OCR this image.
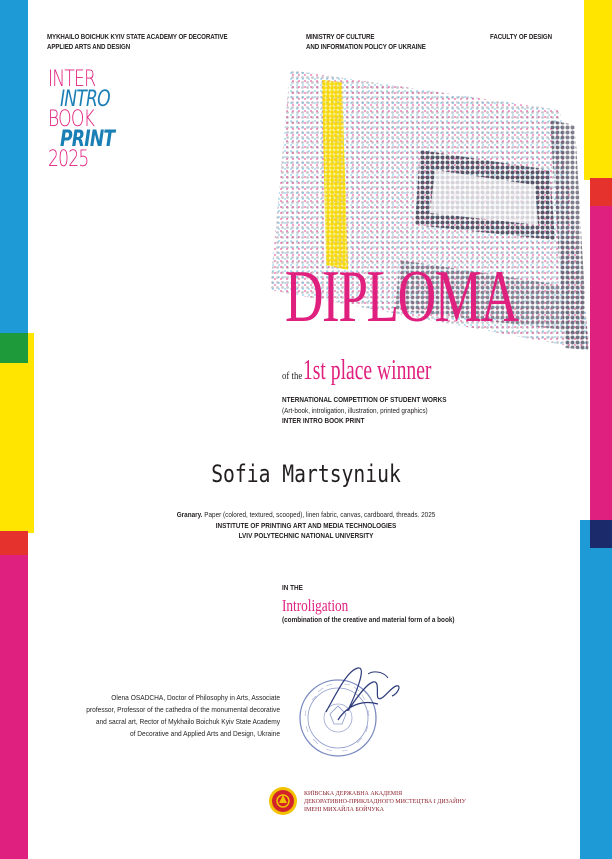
MYKHAILO BOICHUK KYIV STATE ACADEMY OF DECORATIVE
APPLIED ARTS AND DESIGN
MINISTRY OF CULTURE
AND INFORMATION POLICY OF UKRAINE
FACULTY OF DESIGN
INTER
INTRO
BOOK
PRINT
2025
DIPLOMA
of the1st place winner
NTERNATIONAL COMPETITION OF STUDENT WORKS
(Art-book, introligation, illustration, printed graphics)
INTER INTRO BOOK PRINT
Sofia Martsyniuk
Granary. Paper (colored, textured, scooped), linen fabric, canvas, cardboard, threads. 2025
INSTITUTE OF PRINTING ART AND MEDIA TECHNOLOGIES
LVIV POLYTECHNIC NATIONAL UNIVERSITY
IN THE
Introligation
(combination of the creative and material form of a book)
Olena OSADCHA, Doctor of Philosophy in Arts, Associate
professor, Professor of the cathedra of the monumental decorative
and sacral art, Rector of Mykhailo Boichuk Kyiv State Academy
of Decorative and Applied Arts and Design, Ukraine
КИЇВСЬКА ДЕРЖАВНА АКАДЕМІЯ
ДЕКОРАТИВНО-ПРИКЛАДНОГО МИСТЕЦТВА І ДИЗАЙНУ
ІМЕНІ МИХАЙЛА БОЙЧУКА
